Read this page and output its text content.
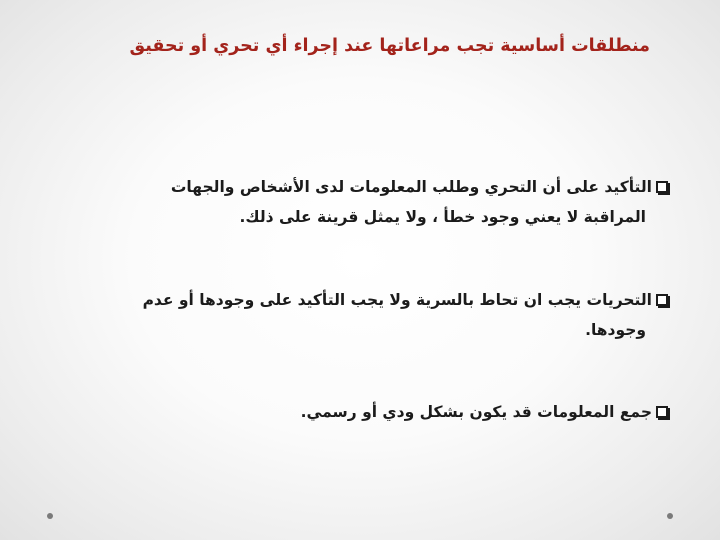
منطلقات أساسية تجب مراعاتها عند إجراء أي تحري أو تحقيق
التأكيد على أن التحري وطلب المعلومات لدى الأشخاص والجهات
المراقبة لا يعني وجود خطأ ، ولا يمثل قرينة على ذلك.
التحريات يجب ان تحاط بالسرية ولا يجب التأكيد على وجودها أو عدم
وجودها.
جمع المعلومات قد يكون بشكل ودي أو رسمي.
